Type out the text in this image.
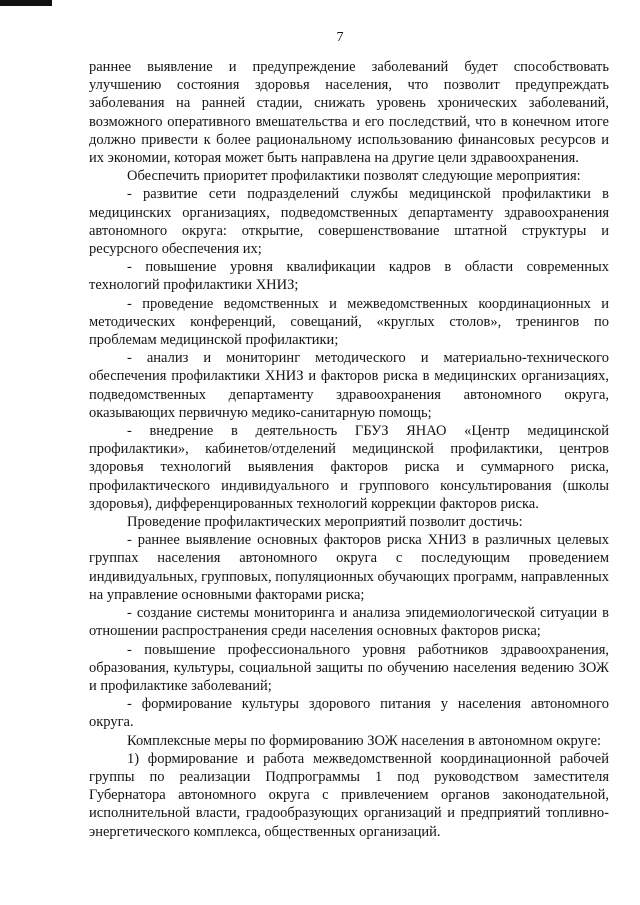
7

раннее выявление и предупреждение заболеваний будет способствовать улучшению состояния здоровья населения, что позволит предупреждать заболевания на ранней стадии, снижать уровень хронических заболеваний, возможного оперативного вмешательства и его последствий, что в конечном итоге должно привести к более рациональному использованию финансовых ресурсов и их экономии, которая может быть направлена на другие цели здравоохранения.

Обеспечить приоритет профилактики позволят следующие мероприятия:

- развитие сети подразделений службы медицинской профилактики в медицинских организациях, подведомственных департаменту здравоохранения автономного округа: открытие, совершенствование штатной структуры и ресурсного обеспечения их;

- повышение уровня квалификации кадров в области современных технологий профилактики ХНИЗ;

- проведение ведомственных и межведомственных координационных и методических конференций, совещаний, «круглых столов», тренингов по проблемам медицинской профилактики;

- анализ и мониторинг методического и материально-технического обеспечения профилактики ХНИЗ и факторов риска в медицинских организациях, подведомственных департаменту здравоохранения автономного округа, оказывающих первичную медико-санитарную помощь;

- внедрение в деятельность ГБУЗ ЯНАО «Центр медицинской профилактики», кабинетов/отделений медицинской профилактики, центров здоровья технологий выявления факторов риска и суммарного риска, профилактического индивидуального и группового консультирования (школы здоровья), дифференцированных технологий коррекции факторов риска.

Проведение профилактических мероприятий позволит достичь:

- раннее выявление основных факторов риска ХНИЗ в различных целевых группах населения автономного округа с последующим проведением индивидуальных, групповых, популяционных обучающих программ, направленных на управление основными факторами риска;

- создание системы мониторинга и анализа эпидемиологической ситуации в отношении распространения среди населения основных факторов риска;

- повышение профессионального уровня работников здравоохранения, образования, культуры, социальной защиты по обучению населения ведению ЗОЖ и профилактике заболеваний;

- формирование культуры здорового питания у населения автономного округа.

Комплексные меры по формированию ЗОЖ населения в автономном округе:

1) формирование и работа межведомственной координационной рабочей группы по реализации Подпрограммы 1 под руководством заместителя Губернатора автономного округа с привлечением органов законодательной, исполнительной власти, градообразующих организаций и предприятий топливно-энергетического комплекса, общественных организаций.
